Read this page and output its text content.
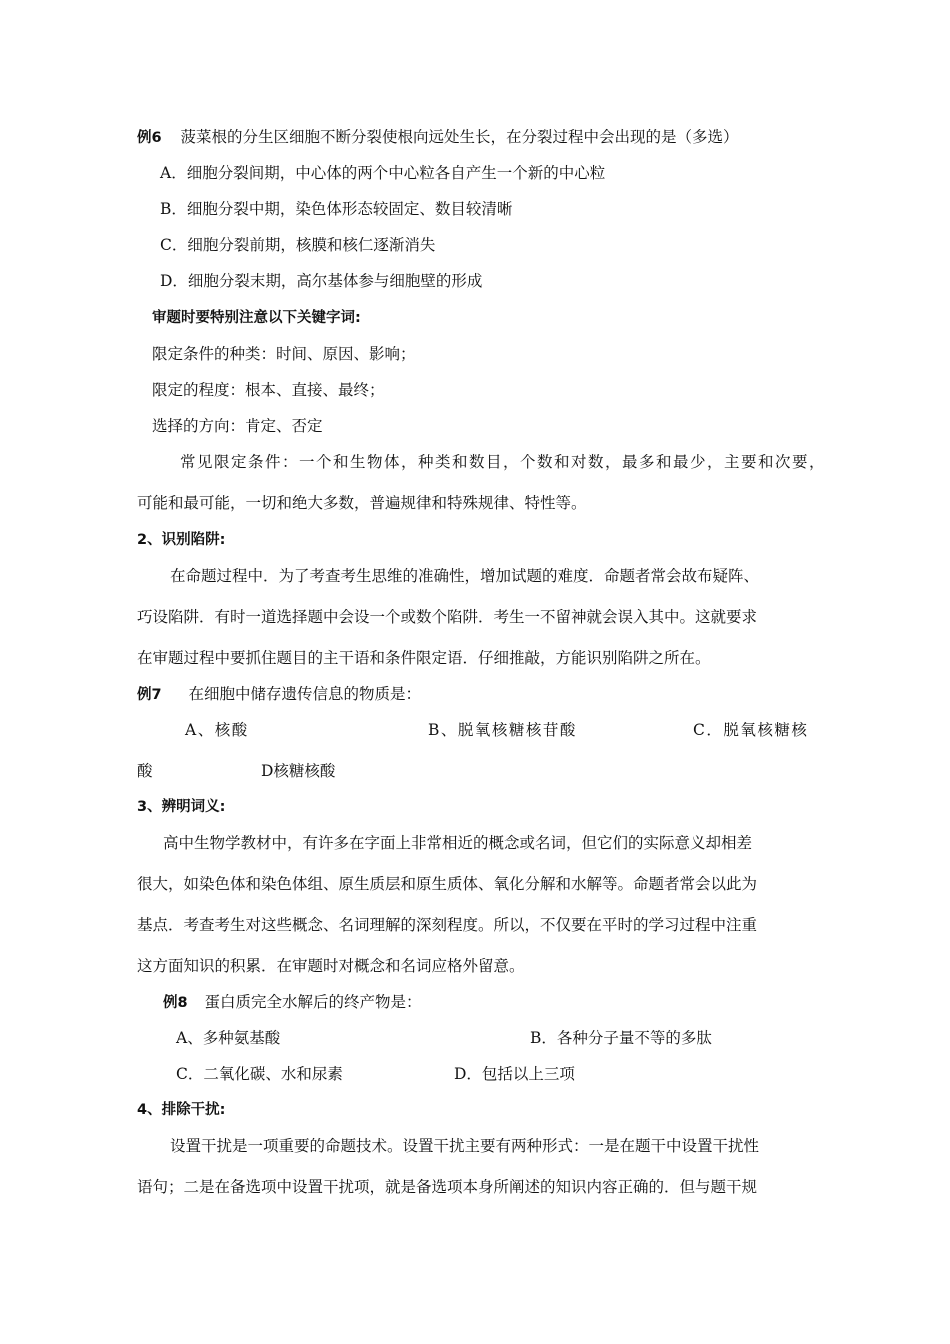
例6 菠菜根的分生区细胞不断分裂使根向远处生长，在分裂过程中会出现的是（多选）
A．细胞分裂间期，中心体的两个中心粒各自产生一个新的中心粒
B．细胞分裂中期，染色体形态较固定、数目较清晰
C．细胞分裂前期，核膜和核仁逐渐消失
D．细胞分裂末期，高尔基体参与细胞壁的形成
审题时要特别注意以下关键字词:
限定条件的种类：时间、原因、影响；
限定的程度：根本、直接、最终；
选择的方向：肯定、否定
常见限定条件：一个和生物体，种类和数目，个数和对数，最多和最少，主要和次要，
可能和最可能，一切和绝大多数，普遍规律和特殊规律、特性等。
2、识别陷阱:
在命题过程中．为了考查考生思维的准确性，增加试题的难度．命题者常会故布疑阵、
巧设陷阱．有时一道选择题中会设一个或数个陷阱．考生一不留神就会误入其中。这就要求
在审题过程中要抓住题目的主干语和条件限定语．仔细推敲，方能识别陷阱之所在。
例7 在细胞中储存遗传信息的物质是：
A、核酸	B、脱氧核糖核苷酸	C．脱氧核糖核
酸	D核糖核酸
3、辨明词义:
高中生物学教材中，有许多在字面上非常相近的概念或名词，但它们的实际意义却相差
很大，如染色体和染色体组、原生质层和原生质体、氧化分解和水解等。命题者常会以此为
基点．考查考生对这些概念、名词理解的深刻程度。所以，不仅要在平时的学习过程中注重
这方面知识的积累．在审题时对概念和名词应格外留意。
例8 蛋白质完全水解后的终产物是：
A、多种氨基酸	B．各种分子量不等的多肽
C．二氧化碳、水和尿素	D．包括以上三项
4、排除干扰:
设置干扰是一项重要的命题技术。设置干扰主要有两种形式：一是在题干中设置干扰性
语句；二是在备选项中设置干扰项，就是备选项本身所阐述的知识内容正确的．但与题干规
